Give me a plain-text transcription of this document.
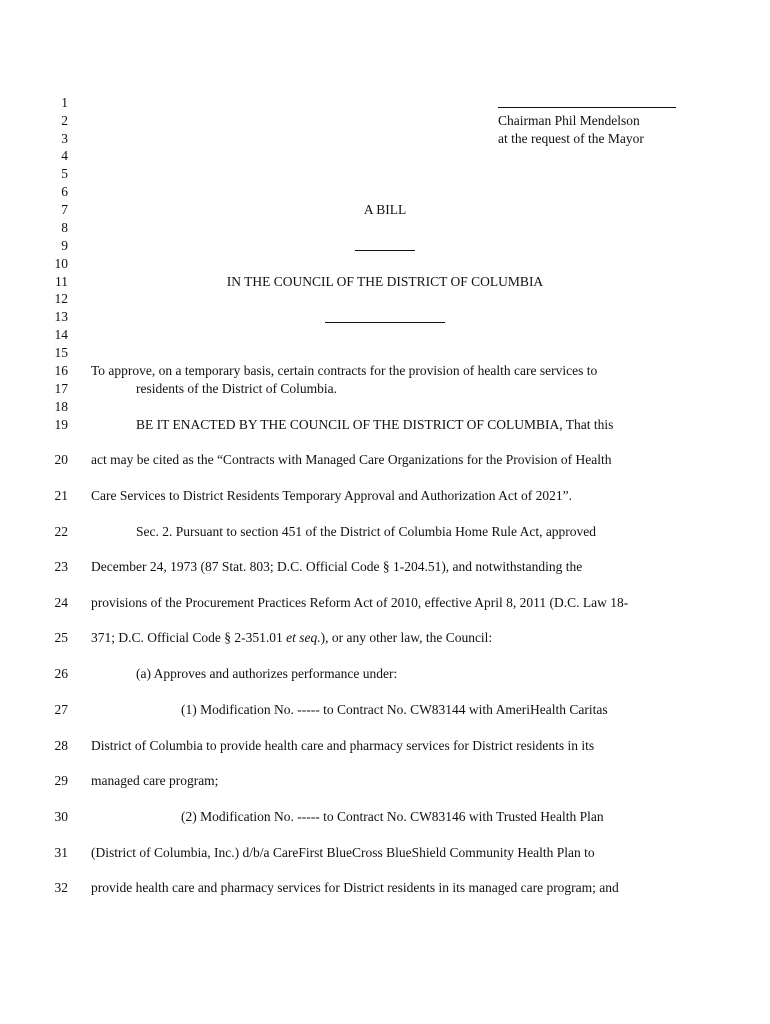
1
2
3
4
5
6
7
8
9
10
11
12
13
14
15
16
17
18
19
20
21
22
23
24
25
26
27
28
29
30
31
32
Chairman Phil Mendelson
at the request of the Mayor
A BILL
IN THE COUNCIL OF THE DISTRICT OF COLUMBIA
To approve, on a temporary basis, certain contracts for the provision of health care services to
residents of the District of Columbia.
BE IT ENACTED BY THE COUNCIL OF THE DISTRICT OF COLUMBIA, That this
act may be cited as the “Contracts with Managed Care Organizations for the Provision of Health
Care Services to District Residents Temporary Approval and Authorization Act of 2021”.
Sec. 2. Pursuant to section 451 of the District of Columbia Home Rule Act, approved
December 24, 1973 (87 Stat. 803; D.C. Official Code § 1-204.51), and notwithstanding the
provisions of the Procurement Practices Reform Act of 2010, effective April 8, 2011 (D.C. Law 18-
371; D.C. Official Code § 2-351.01 et seq.), or any other law, the Council:
(a) Approves and authorizes performance under:
(1) Modification No. ----- to Contract No. CW83144 with AmeriHealth Caritas
District of Columbia to provide health care and pharmacy services for District residents in its
managed care program;
(2) Modification No. ----- to Contract No. CW83146 with Trusted Health Plan
(District of Columbia, Inc.) d/b/a CareFirst BlueCross BlueShield Community Health Plan to
provide health care and pharmacy services for District residents in its managed care program; and
